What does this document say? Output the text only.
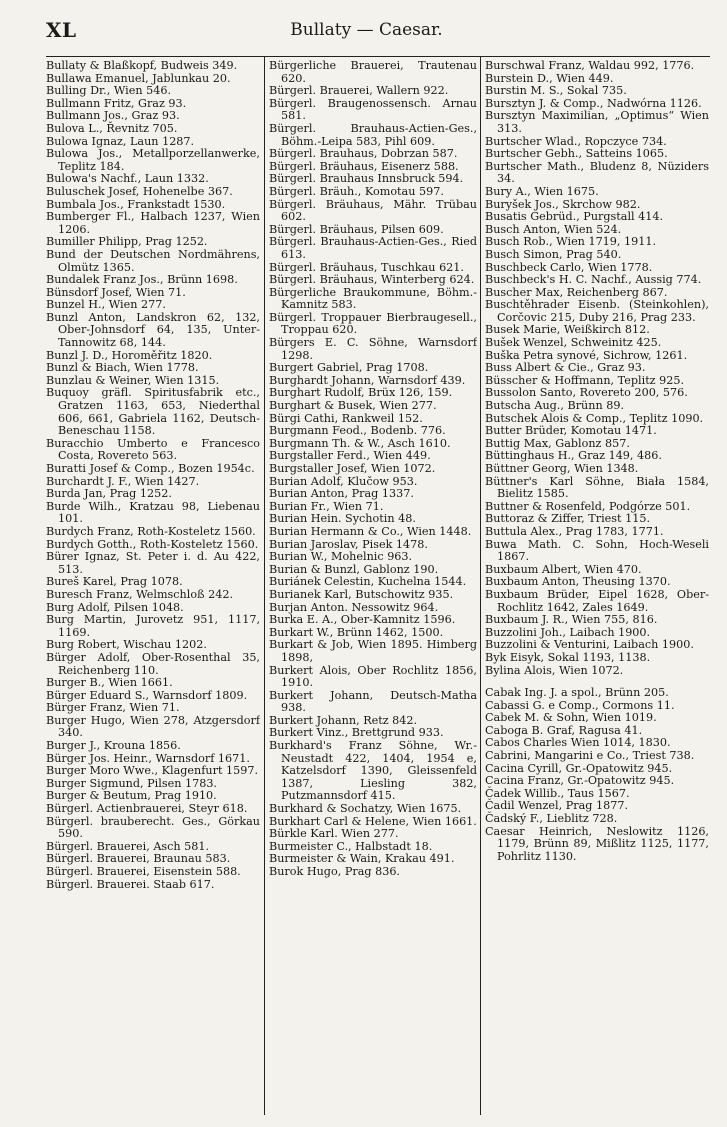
XL	Bullaty — Caesar.

Bullaty & Blaßkopf, Budweis 349.

Bullawa Emanuel, Jablunkau 20.

Bulling Dr., Wien 546.

Bullmann Fritz, Graz 93.

Bullmann Jos., Graz 93.

Bulova L., Řevnitz 705.

Bulowa Ignaz, Laun 1287.

Bulowa Jos., Metallporzellanwerke, Teplitz 184.

Bulowa's Nachf., Laun 1332.

Buluschek Josef, Hohenelbe 367.

Bumbala Jos., Frankstadt 1530.

Bumberger Fl., Halbach 1237, Wien 1206.

Bumiller Philipp, Prag 1252.

Bund der Deutschen Nordmährens, Olmütz 1365.

Bundalek Franz Jos., Brünn 1698.

Bünsdorf Josef, Wien 71.

Bunzel H., Wien 277.

Bunzl Anton, Landskron 62, 132, Ober-Johnsdorf 64, 135, Unter-Tannowitz 68, 144.

Bunzl J. D., Horoměřitz 1820.

Bunzl & Biach, Wien 1778.

Bunzlau & Weiner, Wien 1315.

Buquoy gräfl. Spiritusfabrik etc., Gratzen 1163, 653, Niederthal 606, 661, Gabriela 1162, Deutsch-Beneschau 1158.

Buracchio Umberto e Francesco Costa, Rovereto 563.

Buratti Josef & Comp., Bozen 1954c.

Burchardt J. F., Wien 1427.

Burda Jan, Prag 1252.

Burde Wilh., Kratzau 98, Liebenau 101.

Burdych Franz, Roth-Kosteletz 1560.

Burdych Gotth., Roth-Kosteletz 1560.

Bürer Ignaz, St. Peter i. d. Au 422, 513.

Bureš Karel, Prag 1078.

Buresch Franz, Welmschloß 242.

Burg Adolf, Pilsen 1048.

Burg Martin, Jurovetz 951, 1117, 1169.

Burg Robert, Wischau 1202.

Bürger Adolf, Ober-Rosenthal 35, Reichenberg 110.

Burger B., Wien 1661.

Bürger Eduard S., Warnsdorf 1809.

Bürger Franz, Wien 71.

Burger Hugo, Wien 278, Atzgersdorf 340.

Burger J., Krouna 1856.

Bürger Jos. Heinr., Warnsdorf 1671.

Burger Moro Wwe., Klagenfurt 1597.

Burger Sigmund, Pilsen 1783.

Burger & Beutum, Prag 1910.

Bürgerl. Actienbrauerei, Steyr 618.

Bürgerl. brauberecht. Ges., Görkau 590.

Bürgerl. Brauerei, Asch 581.

Bürgerl. Brauerei, Braunau 583.

Bürgerl. Brauerei, Eisenstein 588.

Bürgerl. Brauerei. Staab 617.

Bürgerliche Brauerei, Trautenau 620.

Bürgerl. Brauerei, Wallern 922.

Bürgerl. Braugenossensch. Arnau 581.

Bürgerl. Brauhaus-Actien-Ges., Böhm.-Leipa 583, Pihl 609.

Bürgerl. Brauhaus, Dobrzan 587.

Bürgerl. Bräuhaus, Eisenerz 588.

Bürgerl. Brauhaus Innsbruck 594.

Bürgerl. Bräuh., Komotau 597.

Bürgerl. Bräuhaus, Mähr. Trübau 602.

Bürgerl. Bräuhaus, Pilsen 609.

Bürgerl. Brauhaus-Actien-Ges., Ried 613.

Bürgerl. Bräuhaus, Tuschkau 621.

Bürgerl. Bräuhaus, Winterberg 624.

Bürgerliche Braukommune, Böhm.-Kamnitz 583.

Bürgerl. Troppauer Bierbraugesell., Troppau 620.

Bürgers E. C. Söhne, Warnsdorf 1298.

Burgert Gabriel, Prag 1708.

Burghardt Johann, Warnsdorf 439.

Burghart Rudolf, Brüx 126, 159.

Burghart & Busek, Wien 277.

Bürgi Cathi, Rankweil 152.

Burgmann Feod., Bodenb. 776.

Burgmann Th. & W., Asch 1610.

Burgstaller Ferd., Wien 449.

Burgstaller Josef, Wien 1072.

Burian Adolf, Klučow 953.

Burian Anton, Prag 1337.

Burian Fr., Wien 71.

Burian Hein. Sychotin 48.

Burian Hermann & Co., Wien 1448.

Burian Jaroslav, Pisek 1478.

Burian W., Mohelnic 963.

Burian & Bunzl, Gablonz 190.

Buriánek Celestin, Kuchelna 1544.

Burianek Karl, Butschowitz 935.

Burjan Anton. Nessowitz 964.

Burka E. A., Ober-Kamnitz 1596.

Burkart W., Brünn 1462, 1500.

Burkart & Job, Wien 1895. Himberg 1898,

Burkert Alois, Ober Rochlitz 1856, 1910.

Burkert Johann, Deutsch-Matha 938.

Burkert Johann, Retz 842.

Burkert Vinz., Brettgrund 933.

Burkhard's Franz Söhne, Wr.-Neustadt 422, 1404, 1954 e, Katzelsdorf 1390, Gleissenfeld 1387, Liesling 382, Putzmannsdorf 415.

Burkhard & Sochatzy, Wien 1675.

Burkhart Carl & Helene, Wien 1661.

Bürkle Karl. Wien 277.

Burmeister C., Halbstadt 18.

Burmeister & Wain, Krakau 491.

Burok Hugo, Prag 836.

Burschwal Franz, Waldau 992, 1776.

Burstein D., Wien 449.

Burstin M. S., Sokal 735.

Bursztyn J. & Comp., Nadwórna 1126.

Bursztyn Maximilian, „Optimus“ Wien 313.

Burtscher Wlad., Ropczyce 734.

Burtscher Gebh., Satteins 1065.

Burtscher Math., Bludenz 8, Nüziders 34.

Bury A., Wien 1675.

Buryšek Jos., Skrchow 982.

Busatis Gebrüd., Purgstall 414.

Busch Anton, Wien 524.

Busch Rob., Wien 1719, 1911.

Busch Simon, Prag 540.

Buschbeck Carlo, Wien 1778.

Buschbeck's H. C. Nachf., Aussig 774.

Buscher Max, Reichenberg 867.

Buschtěhrader Eisenb. (Steinkohlen), Corčovic 215, Duby 216, Prag 233.

Busek Marie, Weißkirch 812.

Bušek Wenzel, Schweinitz 425.

Buška Petra synové, Sichrow, 1261.

Buss Albert & Cie., Graz 93.

Büsscher & Hoffmann, Teplitz 925.

Bussolon Santo, Rovereto 200, 576.

Butscha Aug., Brünn 89.

Butschek Alois & Comp., Teplitz 1090.

Butter Brüder, Komotau 1471.

Buttig Max, Gablonz 857.

Büttinghaus H., Graz 149, 486.

Büttner Georg, Wien 1348.

Büttner's Karl Söhne, Biała 1584, Bielitz 1585.

Buttner & Rosenfeld, Podgórze 501.

Buttoraz & Ziffer, Triest 115.

Buttula Alex., Prag 1783, 1771.

Buwa Math. C. Sohn, Hoch-Weseli 1867.

Buxbaum Albert, Wien 470.

Buxbaum Anton, Theusing 1370.

Buxbaum Brüder, Eipel 1628, Ober-Rochlitz 1642, Zales 1649.

Buxbaum J. R., Wien 755, 816.

Buzzolini Joh., Laibach 1900.

Buzzolini & Venturini, Laibach 1900.

Byk Eisyk, Sokal 1193, 1138.

Bylina Alois, Wien 1072.

Cabak Ing. J. a spol., Brünn 205.

Cabassi G. e Comp., Cormons 11.

Cabek M. & Sohn, Wien 1019.

Caboga B. Graf, Ragusa 41.

Cabos Charles Wien 1014, 1830.

Cabrini, Mangarini e Co., Triest 738.

Cacina Cyrill, Gr.-Opatowitz 945.

Cacina Franz, Gr.-Opatowitz 945.

Čadek Willib., Taus 1567.

Čadil Wenzel, Prag 1877.

Čadský F., Lieblitz 728.

Caesar Heinrich, Neslowitz 1126, 1179, Brünn 89, Mißlitz 1125, 1177, Pohrlitz 1130.
